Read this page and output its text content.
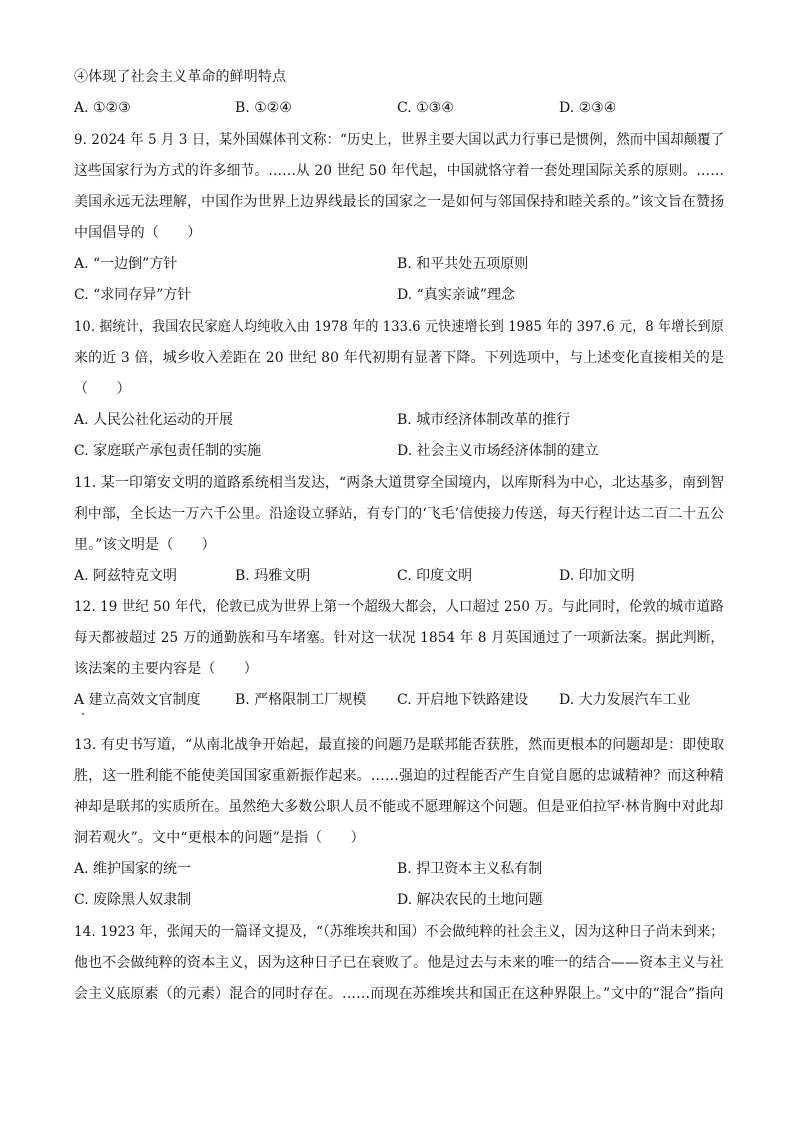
④体现了社会主义革命的鲜明特点
A. ①②③	B. ①②④	C. ①③④	D. ②③④
9. 2024 年 5 月 3 日，某外国媒体刊文称：“历史上，世界主要大国以武力行事已是惯例，然而中国却颠覆了
这些国家行为方式的许多细节。……从 20 世纪 50 年代起，中国就恪守着一套处理国际关系的原则。……
美国永远无法理解，中国作为世界上边界线最长的国家之一是如何与邻国保持和睦关系的。”该文旨在赞扬
中国倡导的（　　）
A. “一边倒”方针	B. 和平共处五项原则
C. “求同存异”方针	D. “真实亲诚”理念
10. 据统计，我国农民家庭人均纯收入由 1978 年的 133.6 元快速增长到 1985 年的 397.6 元，8 年增长到原
来的近 3 倍，城乡收入差距在 20 世纪 80 年代初期有显著下降。下列选项中，与上述变化直接相关的是
（　　）
A. 人民公社化运动的开展	B. 城市经济体制改革的推行
C. 家庭联产承包责任制的实施	D. 社会主义市场经济体制的建立
11. 某一印第安文明的道路系统相当发达，“两条大道贯穿全国境内，以库斯科为中心，北达基多，南到智
利中部，全长达一万六千公里。沿途设立驿站，有专门的‘飞毛’信使接力传送，每天行程计达二百二十五公
里。”该文明是（　　）
A. 阿兹特克文明	B. 玛雅文明	C. 印度文明	D. 印加文明
12. 19 世纪 50 年代，伦敦已成为世界上第一个超级大都会，人口超过 250 万。与此同时，伦敦的城市道路
每天都被超过 25 万的通勤族和马车堵塞。针对这一状况 1854 年 8 月英国通过了一项新法案。据此判断，
该法案的主要内容是（　　）
A 建立高效文官制度 B. 严格限制工厂规模 C. 开启地下铁路建设 D. 大力发展汽车工业
13. 有史书写道，“从南北战争开始起，最直接的问题乃是联邦能否获胜，然而更根本的问题却是：即使取
胜，这一胜利能不能使美国国家重新振作起来。……强迫的过程能否产生自觉自愿的忠诚精神？而这种精
神却是联邦的实质所在。虽然绝大多数公职人员不能或不愿理解这个问题。但是亚伯拉罕·林肯胸中对此却
洞若观火”。文中“更根本的问题”是指（　　）
A. 维护国家的统一	B. 捍卫资本主义私有制
C. 废除黑人奴隶制	D. 解决农民的土地问题
14. 1923 年，张闻天的一篇译文提及，“（苏维埃共和国）不会做纯粹的社会主义，因为这种日子尚未到来；
他也不会做纯粹的资本主义，因为这种日子已在衰败了。他是过去与未来的唯一的结合——资本主义与社
会主义底原素（的元素）混合的同时存在。……而现在苏维埃共和国正在这种界限上。”文中的“混合”指向
